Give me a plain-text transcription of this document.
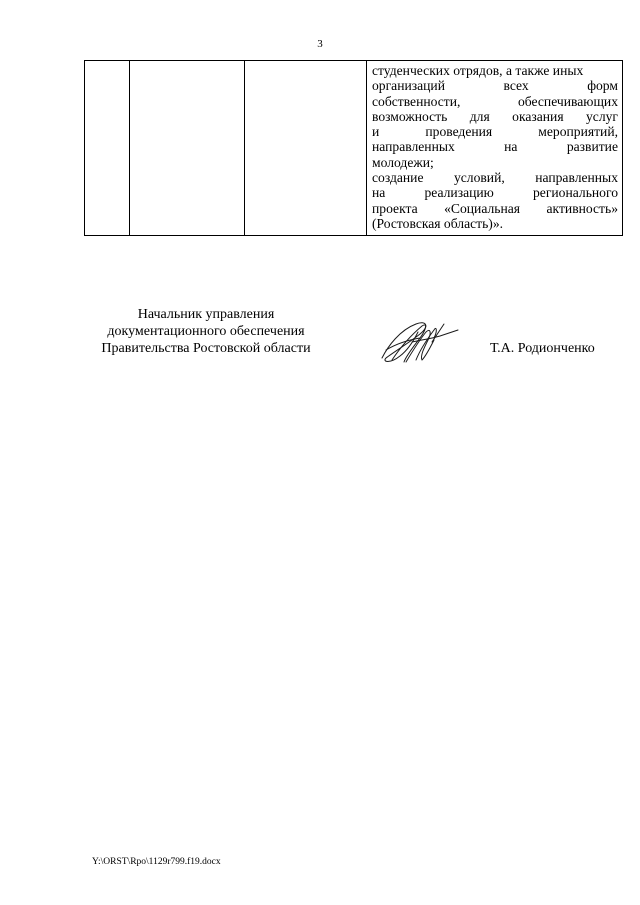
3

студенческих отрядов, а также иных
организаций всех форм
собственности, обеспечивающих
возможность для оказания услуг
и проведения мероприятий,
направленных на развитие
молодежи;
создание условий, направленных
на реализацию регионального
проекта «Социальная активность»
(Ростовская область)».
Начальник управления
документационного обеспечения
Правительства Ростовской области	Т.А. Родионченко
Y:\ORST\Rpo\1129r799.f19.docx
